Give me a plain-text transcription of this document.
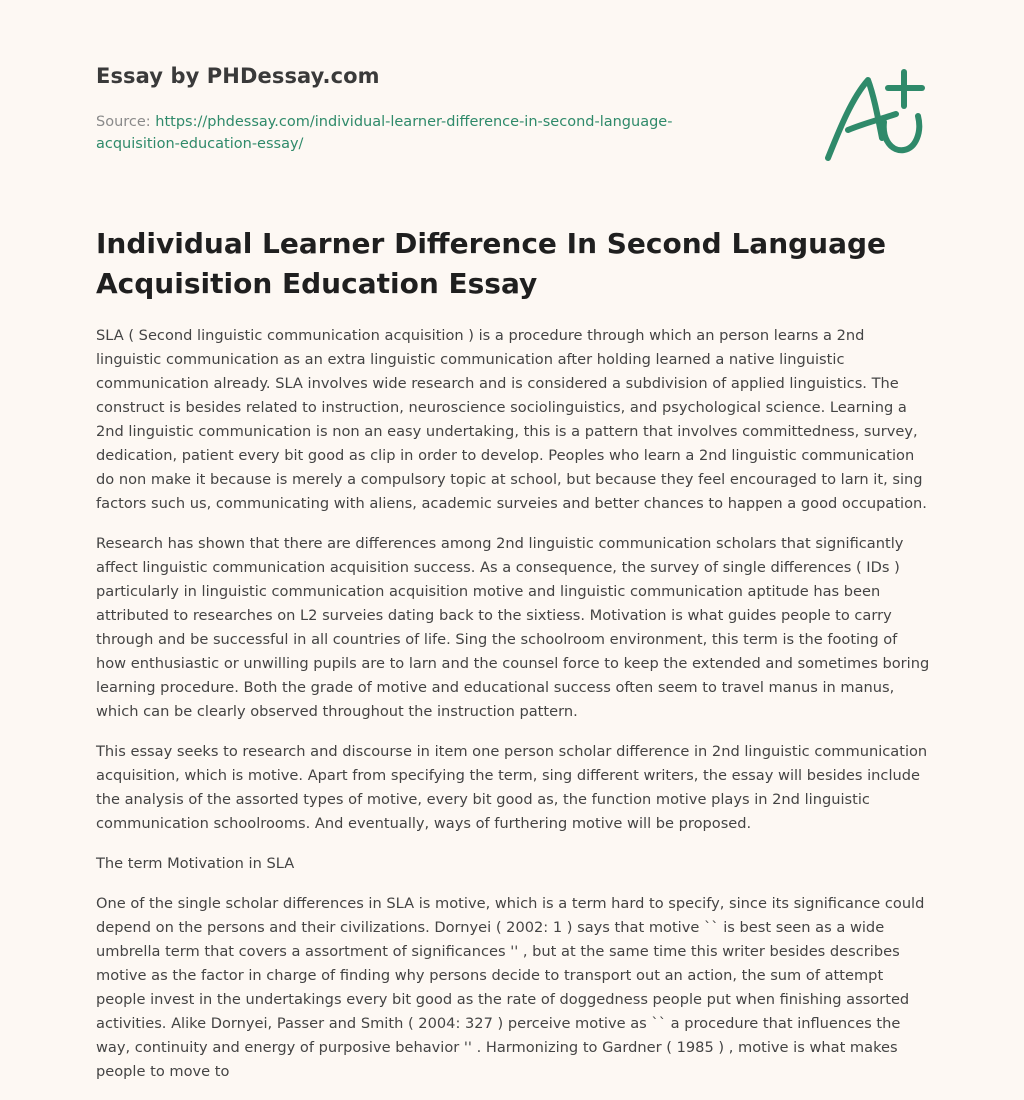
Essay by PHDessay.com
Source: https://phdessay.com/individual-learner-difference-in-second-language-acquisition-education-essay/
Individual Learner Difference In Second Language Acquisition Education Essay

SLA ( Second linguistic communication acquisition ) is a procedure through which an person learns a 2nd linguistic communication as an extra linguistic communication after holding learned a native linguistic communication already. SLA involves wide research and is considered a subdivision of applied linguistics. The construct is besides related to instruction, neuroscience sociolinguistics, and psychological science. Learning a 2nd linguistic communication is non an easy undertaking, this is a pattern that involves committedness, survey, dedication, patient every bit good as clip in order to develop. Peoples who learn a 2nd linguistic communication do non make it because is merely a compulsory topic at school, but because they feel encouraged to larn it, sing factors such us, communicating with aliens, academic surveies and better chances to happen a good occupation.

Research has shown that there are differences among 2nd linguistic communication scholars that significantly affect linguistic communication acquisition success. As a consequence, the survey of single differences ( IDs ) particularly in linguistic communication acquisition motive and linguistic communication aptitude has been attributed to researches on L2 surveies dating back to the sixtiess. Motivation is what guides people to carry through and be successful in all countries of life. Sing the schoolroom environment, this term is the footing of how enthusiastic or unwilling pupils are to larn and the counsel force to keep the extended and sometimes boring learning procedure. Both the grade of motive and educational success often seem to travel manus in manus, which can be clearly observed throughout the instruction pattern.

This essay seeks to research and discourse in item one person scholar difference in 2nd linguistic communication acquisition, which is motive. Apart from specifying the term, sing different writers, the essay will besides include the analysis of the assorted types of motive, every bit good as, the function motive plays in 2nd linguistic communication schoolrooms. And eventually, ways of furthering motive will be proposed.

The term Motivation in SLA

One of the single scholar differences in SLA is motive, which is a term hard to specify, since its significance could depend on the persons and their civilizations. Dornyei ( 2002: 1 ) says that motive `` is best seen as a wide umbrella term that covers a assortment of significances '' , but at the same time this writer besides describes motive as the factor in charge of finding why persons decide to transport out an action, the sum of attempt people invest in the undertakings every bit good as the rate of doggedness people put when finishing assorted activities. Alike Dornyei, Passer and Smith ( 2004: 327 ) perceive motive as `` a procedure that influences the way, continuity and energy of purposive behavior '' . Harmonizing to Gardner ( 1985 ) , motive is what makes people to move to
